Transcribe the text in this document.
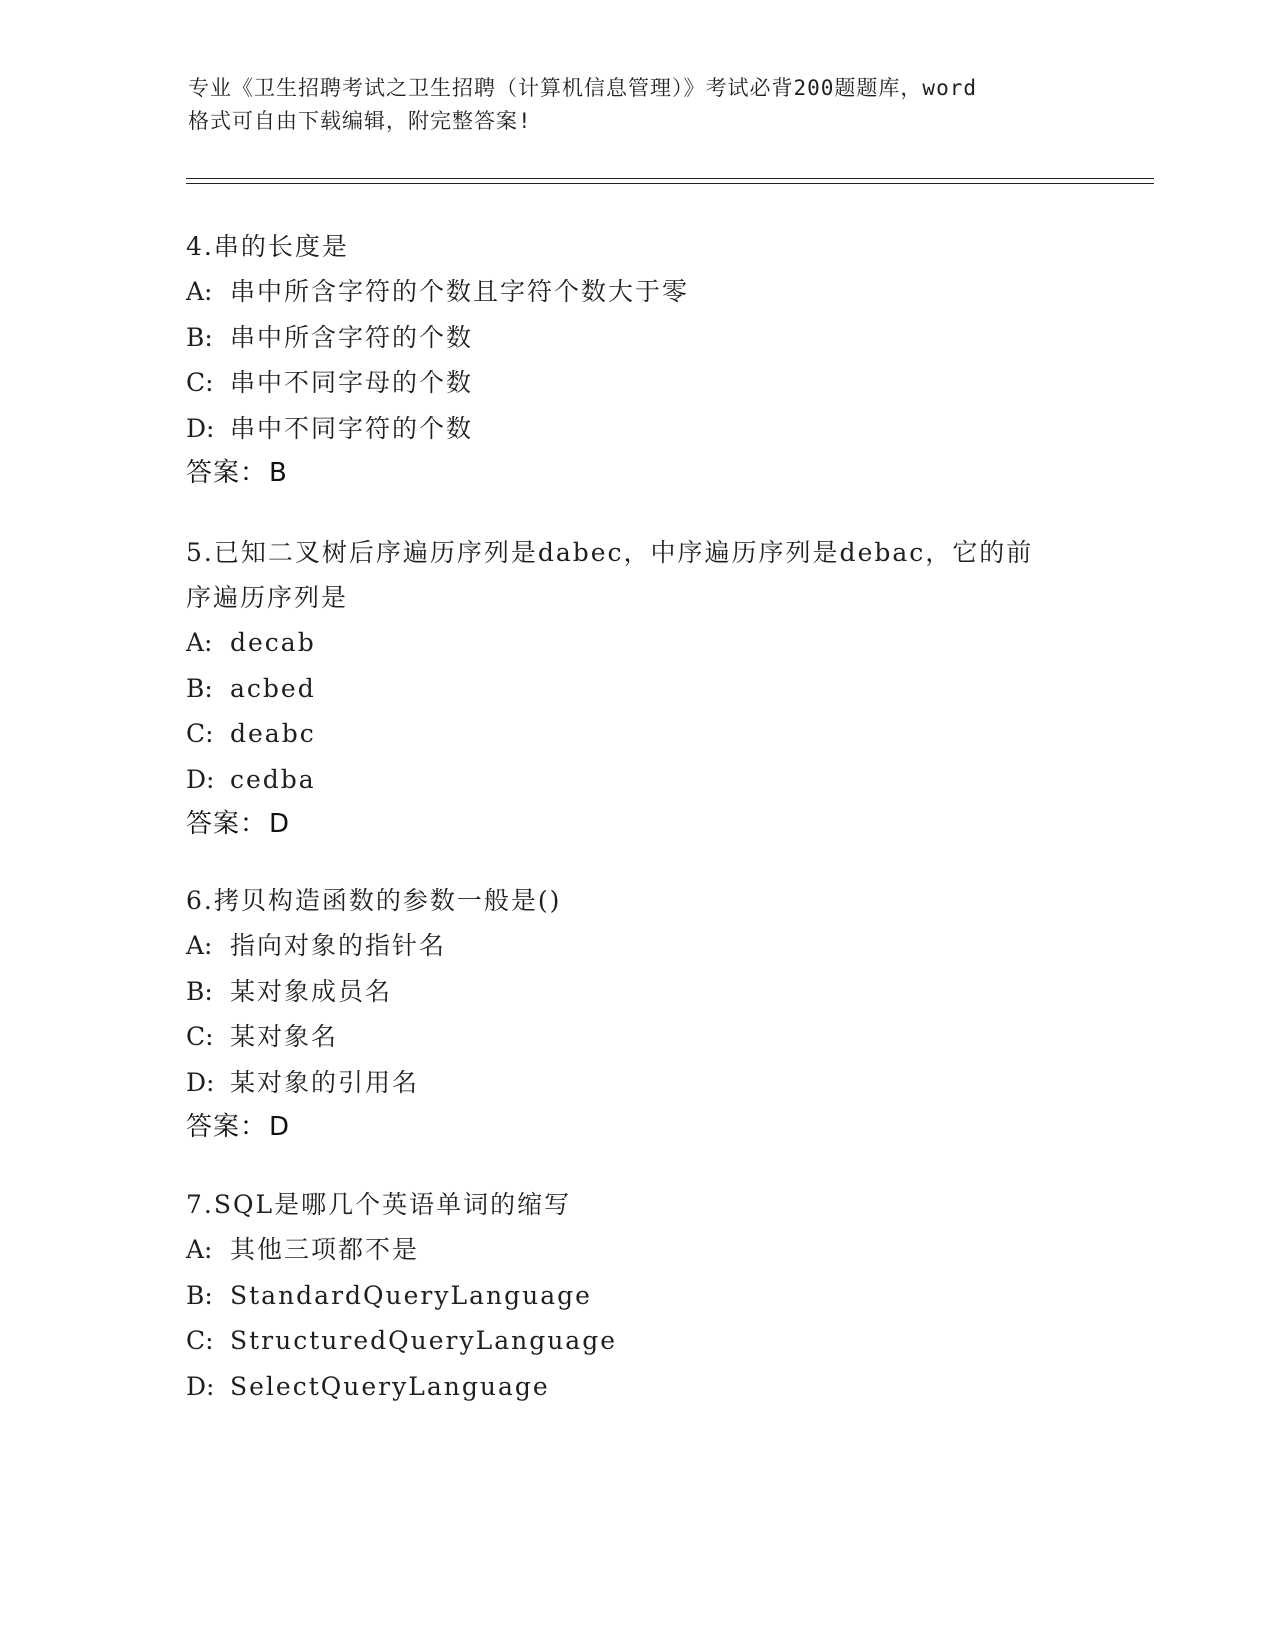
专业《卫生招聘考试之卫生招聘（计算机信息管理）》考试必背200题题库，word
格式可自由下载编辑，附完整答案!
4.串的长度是
A: 串中所含字符的个数且字符个数大于零
B: 串中所含字符的个数
C: 串中不同字母的个数
D: 串中不同字符的个数
答案：B
5.已知二叉树后序遍历序列是dabec，中序遍历序列是debac，它的前序遍历序列是
A: decab
B: acbed
C: deabc
D: cedba
答案：D
6.拷贝构造函数的参数一般是()
A: 指向对象的指针名
B: 某对象成员名
C: 某对象名
D: 某对象的引用名
答案：D
7.SQL是哪几个英语单词的缩写
A: 其他三项都不是
B: StandardQueryLanguage
C: StructuredQueryLanguage
D: SelectQueryLanguage
